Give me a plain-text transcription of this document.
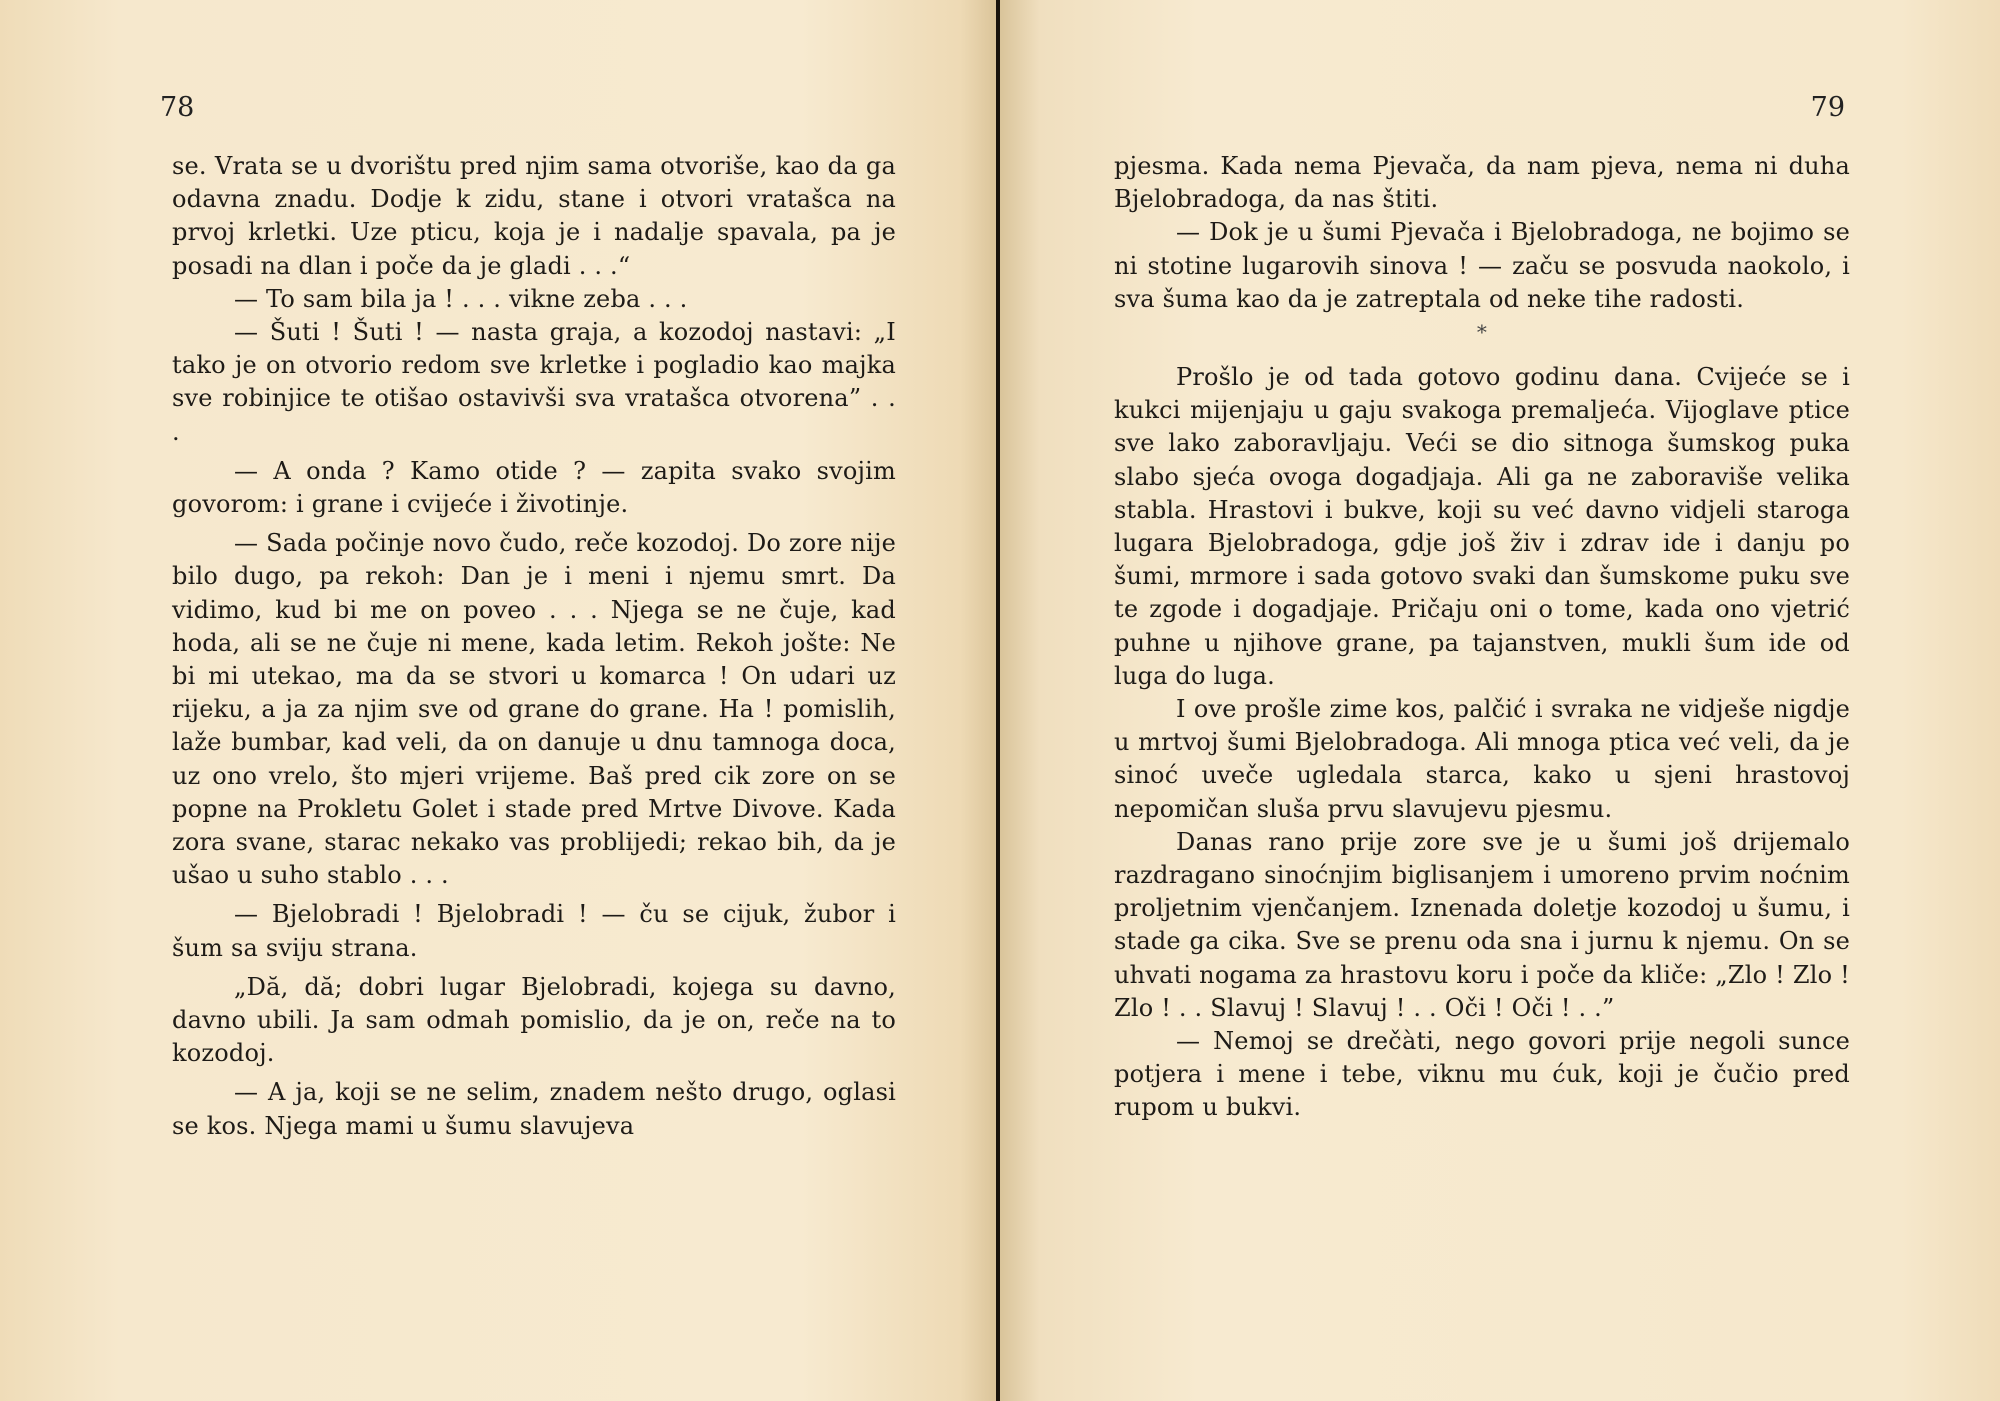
78

se. Vrata se u dvorištu pred njim sama otvoriše, kao da ga odavna znadu. Dodje k zidu, stane i otvori vratašca na prvoj krletki. Uze pticu, koja je i nadalje spavala, pa je posadi na dlan i poče da je gladi . . .“

— To sam bila ja ! . . . vikne zeba . . .

— Šuti ! Šuti ! — nasta graja, a kozodoj nastavi: „I tako je on otvorio redom sve krletke i pogladio kao majka sve robinjice te otišao ostavivši sva vratašca otvorena” . . .

— A onda ? Kamo otide ? — zapita svako svojim govorom: i grane i cvijeće i životinje.

— Sada počinje novo čudo, reče kozodoj. Do zore nije bilo dugo, pa rekoh: Dan je i meni i njemu smrt. Da vidimo, kud bi me on poveo . . . Njega se ne čuje, kad hoda, ali se ne čuje ni mene, kada letim. Rekoh jošte: Ne bi mi utekao, ma da se stvori u komarca ! On udari uz rijeku, a ja za njim sve od grane do grane. Ha ! pomislih, laže bumbar, kad veli, da on danuje u dnu tamnoga doca, uz ono vrelo, što mjeri vrijeme. Baš pred cik zore on se popne na Prokletu Golet i stade pred Mrtve Divove. Kada zora svane, starac nekako vas problijedi; rekao bih, da je ušao u suho stablo . . .

— Bjelobradi ! Bjelobradi ! — ču se cijuk, žubor i šum sa sviju strana.

„Dă, dă; dobri lugar Bjelobradi, kojega su davno, davno ubili. Ja sam odmah pomislio, da je on, reče na to kozodoj.

— A ja, koji se ne selim, znadem nešto drugo, oglasi se kos. Njega mami u šumu slavujeva

79

pjesma. Kada nema Pjevača, da nam pjeva, nema ni duha Bjelobradoga, da nas štiti.

— Dok je u šumi Pjevača i Bjelobradoga, ne bojimo se ni stotine lugarovih sinova ! — začu se posvuda naokolo, i sva šuma kao da je zatreptala od neke tihe radosti.

*

Prošlo je od tada gotovo godinu dana. Cvijeće se i kukci mijenjaju u gaju svakoga premaljeća. Vijoglave ptice sve lako zaboravljaju. Veći se dio sitnoga šumskog puka slabo sjeća ovoga dogadjaja. Ali ga ne zaboraviše velika stabla. Hrastovi i bukve, koji su već davno vidjeli staroga lugara Bjelobradoga, gdje još živ i zdrav ide i danju po šumi, mrmore i sada gotovo svaki dan šumskome puku sve te zgode i dogadjaje. Pričaju oni o tome, kada ono vjetrić puhne u njihove grane, pa tajanstven, mukli šum ide od luga do luga.

I ove prošle zime kos, palčić i svraka ne vidješe nigdje u mrtvoj šumi Bjelobradoga. Ali mnoga ptica već veli, da je sinoć uveče ugledala starca, kako u sjeni hrastovoj nepomičan sluša prvu slavujevu pjesmu.

Danas rano prije zore sve je u šumi još drijemalo razdragano sinoćnjim biglisanjem i umoreno prvim noćnim proljetnim vjenčanjem. Iznenada doletje kozodoj u šumu, i stade ga cika. Sve se prenu oda sna i jurnu k njemu. On se uhvati nogama za hrastovu koru i poče da kliče: „Zlo ! Zlo ! Zlo ! . . Slavuj ! Slavuj ! . . Oči ! Oči ! . .”

— Nemoj se drečàti, nego govori prije negoli sunce potjera i mene i tebe, viknu mu ćuk, koji je čučio pred rupom u bukvi.
